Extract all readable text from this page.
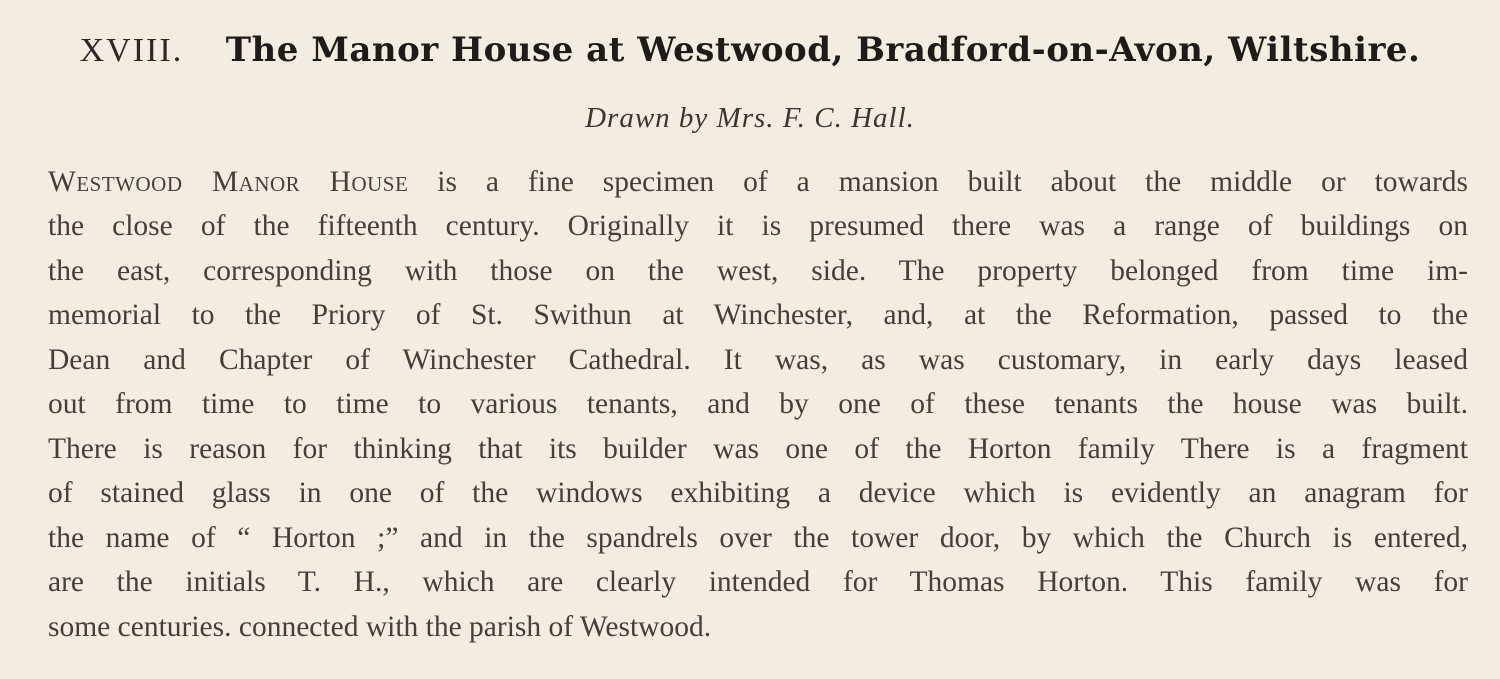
XVIII. The Manor House at Westwood, Bradford-on-Avon, Wiltshire.
Drawn by Mrs. F. C. Hall.
Westwood Manor House is a fine specimen of a mansion built about the middle or towards
the close of the fifteenth century. Originally it is presumed there was a range of buildings on
the east, corresponding with those on the west, side. The property belonged from time im-
memorial to the Priory of St. Swithun at Winchester, and, at the Reformation, passed to the
Dean and Chapter of Winchester Cathedral. It was, as was customary, in early days leased
out from time to time to various tenants, and by one of these tenants the house was built.
There is reason for thinking that its builder was one of the Horton family There is a fragment
of stained glass in one of the windows exhibiting a device which is evidently an anagram for
the name of “ Horton ;” and in the spandrels over the tower door, by which the Church is entered,
are the initials T. H., which are clearly intended for Thomas Horton. This family was for
some centuries. connected with the parish of Westwood.
